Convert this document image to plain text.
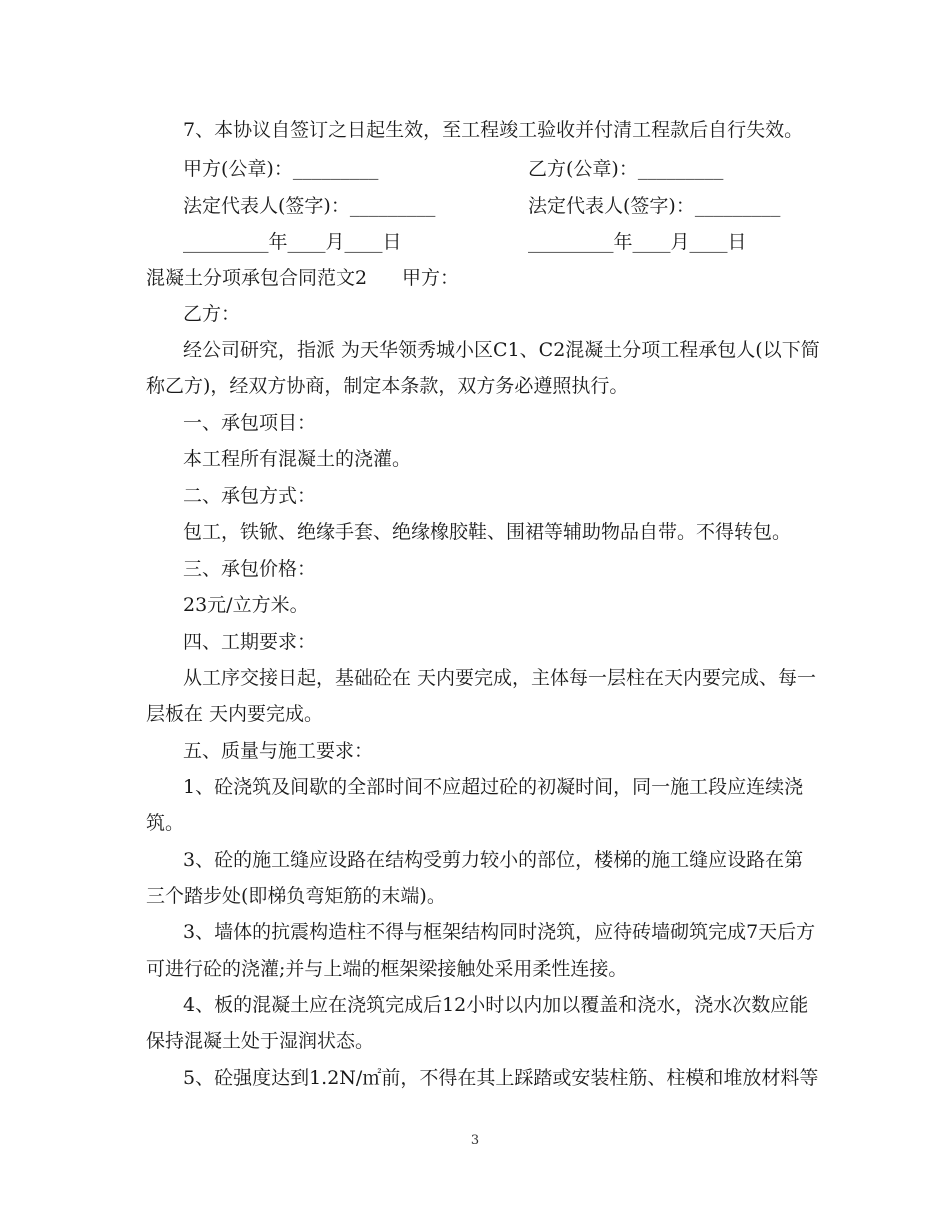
7、本协议自签订之日起生效，至工程竣工验收并付清工程款后自行失效。
甲方(公章)：_________	乙方(公章)：_________
法定代表人(签字)：_________	法定代表人(签字)：_________
_________年____月____日	_________年____月____日
混凝土分项承包合同范文2 甲方：
乙方：
经公司研究，指派 为天华领秀城小区C1、C2混凝土分项工程承包人(以下简
称乙方)，经双方协商，制定本条款，双方务必遵照执行。
一、承包项目：
本工程所有混凝土的浇灌。
二、承包方式：
包工，铁锨、绝缘手套、绝缘橡胶鞋、围裙等辅助物品自带。不得转包。
三、承包价格：
23元/立方米。
四、工期要求：
从工序交接日起，基础砼在 天内要完成，主体每一层柱在天内要完成、每一
层板在 天内要完成。
五、质量与施工要求：
1、砼浇筑及间歇的全部时间不应超过砼的初凝时间，同一施工段应连续浇
筑。
3、砼的施工缝应设路在结构受剪力较小的部位，楼梯的施工缝应设路在第
三个踏步处(即梯负弯矩筋的末端)。
3、墙体的抗震构造柱不得与框架结构同时浇筑，应待砖墙砌筑完成7天后方
可进行砼的浇灌;并与上端的框架梁接触处采用柔性连接。
4、板的混凝土应在浇筑完成后12小时以内加以覆盖和浇水，浇水次数应能
保持混凝土处于湿润状态。
5、砼强度达到1.2N/㎡前，不得在其上踩踏或安装柱筋、柱模和堆放材料等
3
